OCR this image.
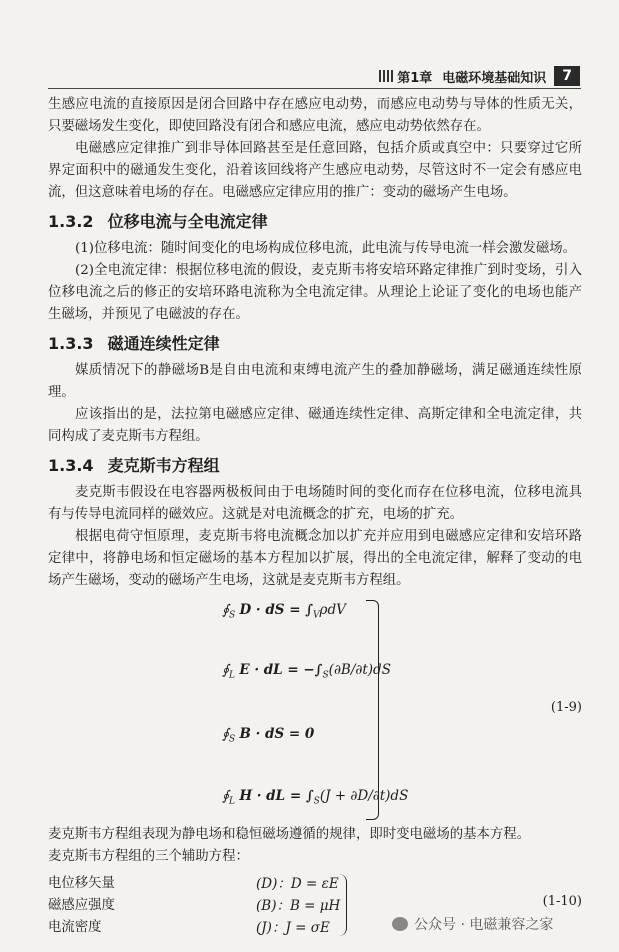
第1章 电磁环境基础知识	7

生感应电流的直接原因是闭合回路中存在感应电动势，而感应电动势与导体的性质无关，只要磁场发生变化，即使回路没有闭合和感应电流，感应电动势依然存在。

电磁感应定律推广到非导体回路甚至是任意回路，包括介质或真空中：只要穿过它所界定面积中的磁通发生变化，沿着该回线将产生感应电动势，尽管这时不一定会有感应电流，但这意味着电场的存在。电磁感应定律应用的推广：变动的磁场产生电场。

1.3.2 位移电流与全电流定律

(1)位移电流：随时间变化的电场构成位移电流，此电流与传导电流一样会激发磁场。

(2)全电流定律：根据位移电流的假设，麦克斯韦将安培环路定律推广到时变场，引入位移电流之后的修正的安培环路电流称为全电流定律。从理论上论证了变化的电场也能产生磁场，并预见了电磁波的存在。

1.3.3 磁通连续性定律

媒质情况下的静磁场B是自由电流和束缚电流产生的叠加静磁场，满足磁通连续性原理。

应该指出的是，法拉第电磁感应定律、磁通连续性定律、高斯定律和全电流定律，共同构成了麦克斯韦方程组。

1.3.4 麦克斯韦方程组

麦克斯韦假设在电容器两极板间由于电场随时间的变化而存在位移电流，位移电流具有与传导电流同样的磁效应。这就是对电流概念的扩充，电场的扩充。

根据电荷守恒原理，麦克斯韦将电流概念加以扩充并应用到电磁感应定律和安培环路定律中，将静电场和恒定磁场的基本方程加以扩展，得出的全电流定律，解释了变动的电场产生磁场，变动的磁场产生电场，这就是麦克斯韦方程组。

$∮_S$ D · dS = $\int_V\rho dV$
$∮_L$ E · dL = $-\int_S(\partial B/\partial t)dS$
$∮_S$ B · dS = 0
$∮_L$ H · dL = $\int_S(J + \partial D/\partial t)dS$
(1-9)

麦克斯韦方程组表现为静电场和稳恒磁场遵循的规律，即时变电磁场的基本方程。

麦克斯韦方程组的三个辅助方程：

电位移矢量	(D)：D = εE
磁感应强度	(B)：B = μH
电流密度	(J)：J = σE
(1-10)
公众号 · 电磁兼容之家
